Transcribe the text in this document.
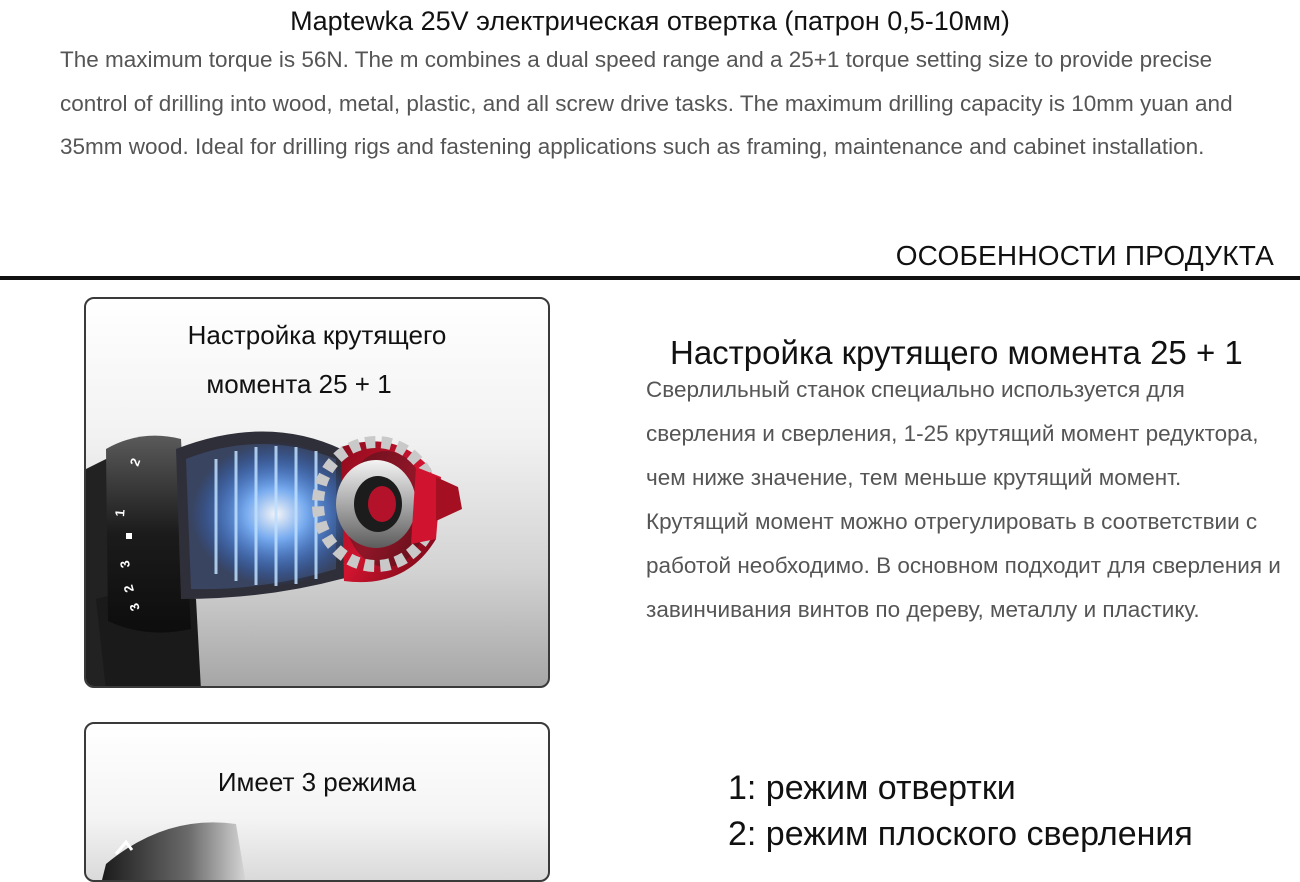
Maptewka 25V электрическая отвертка (патрон 0,5-10мм)
The maximum torque is 56N. The m combines a dual speed range and a 25+1 torque setting size to provide precise control of drilling into wood, metal, plastic, and all screw drive tasks. The maximum drilling capacity is 10mm yuan and 35mm wood. Ideal for drilling rigs and fastening applications such as framing, maintenance and cabinet installation.
ОСОБЕННОСТИ ПРОДУКТА
2
1
3
2
3
Настройка крутящего
момента 25 + 1
Настройка крутящего момента 25 + 1
Сверлильный станок специально используется для сверления и сверления, 1-25 крутящий момент редуктора, чем ниже значение, тем меньше крутящий момент. Крутящий момент можно отрегулировать в соответствии с работой необходимо. В основном подходит для сверления и завинчивания винтов по дереву, металлу и пластику.
Имеет 3 режима	1: режим отвертки
2: режим плоского сверления
